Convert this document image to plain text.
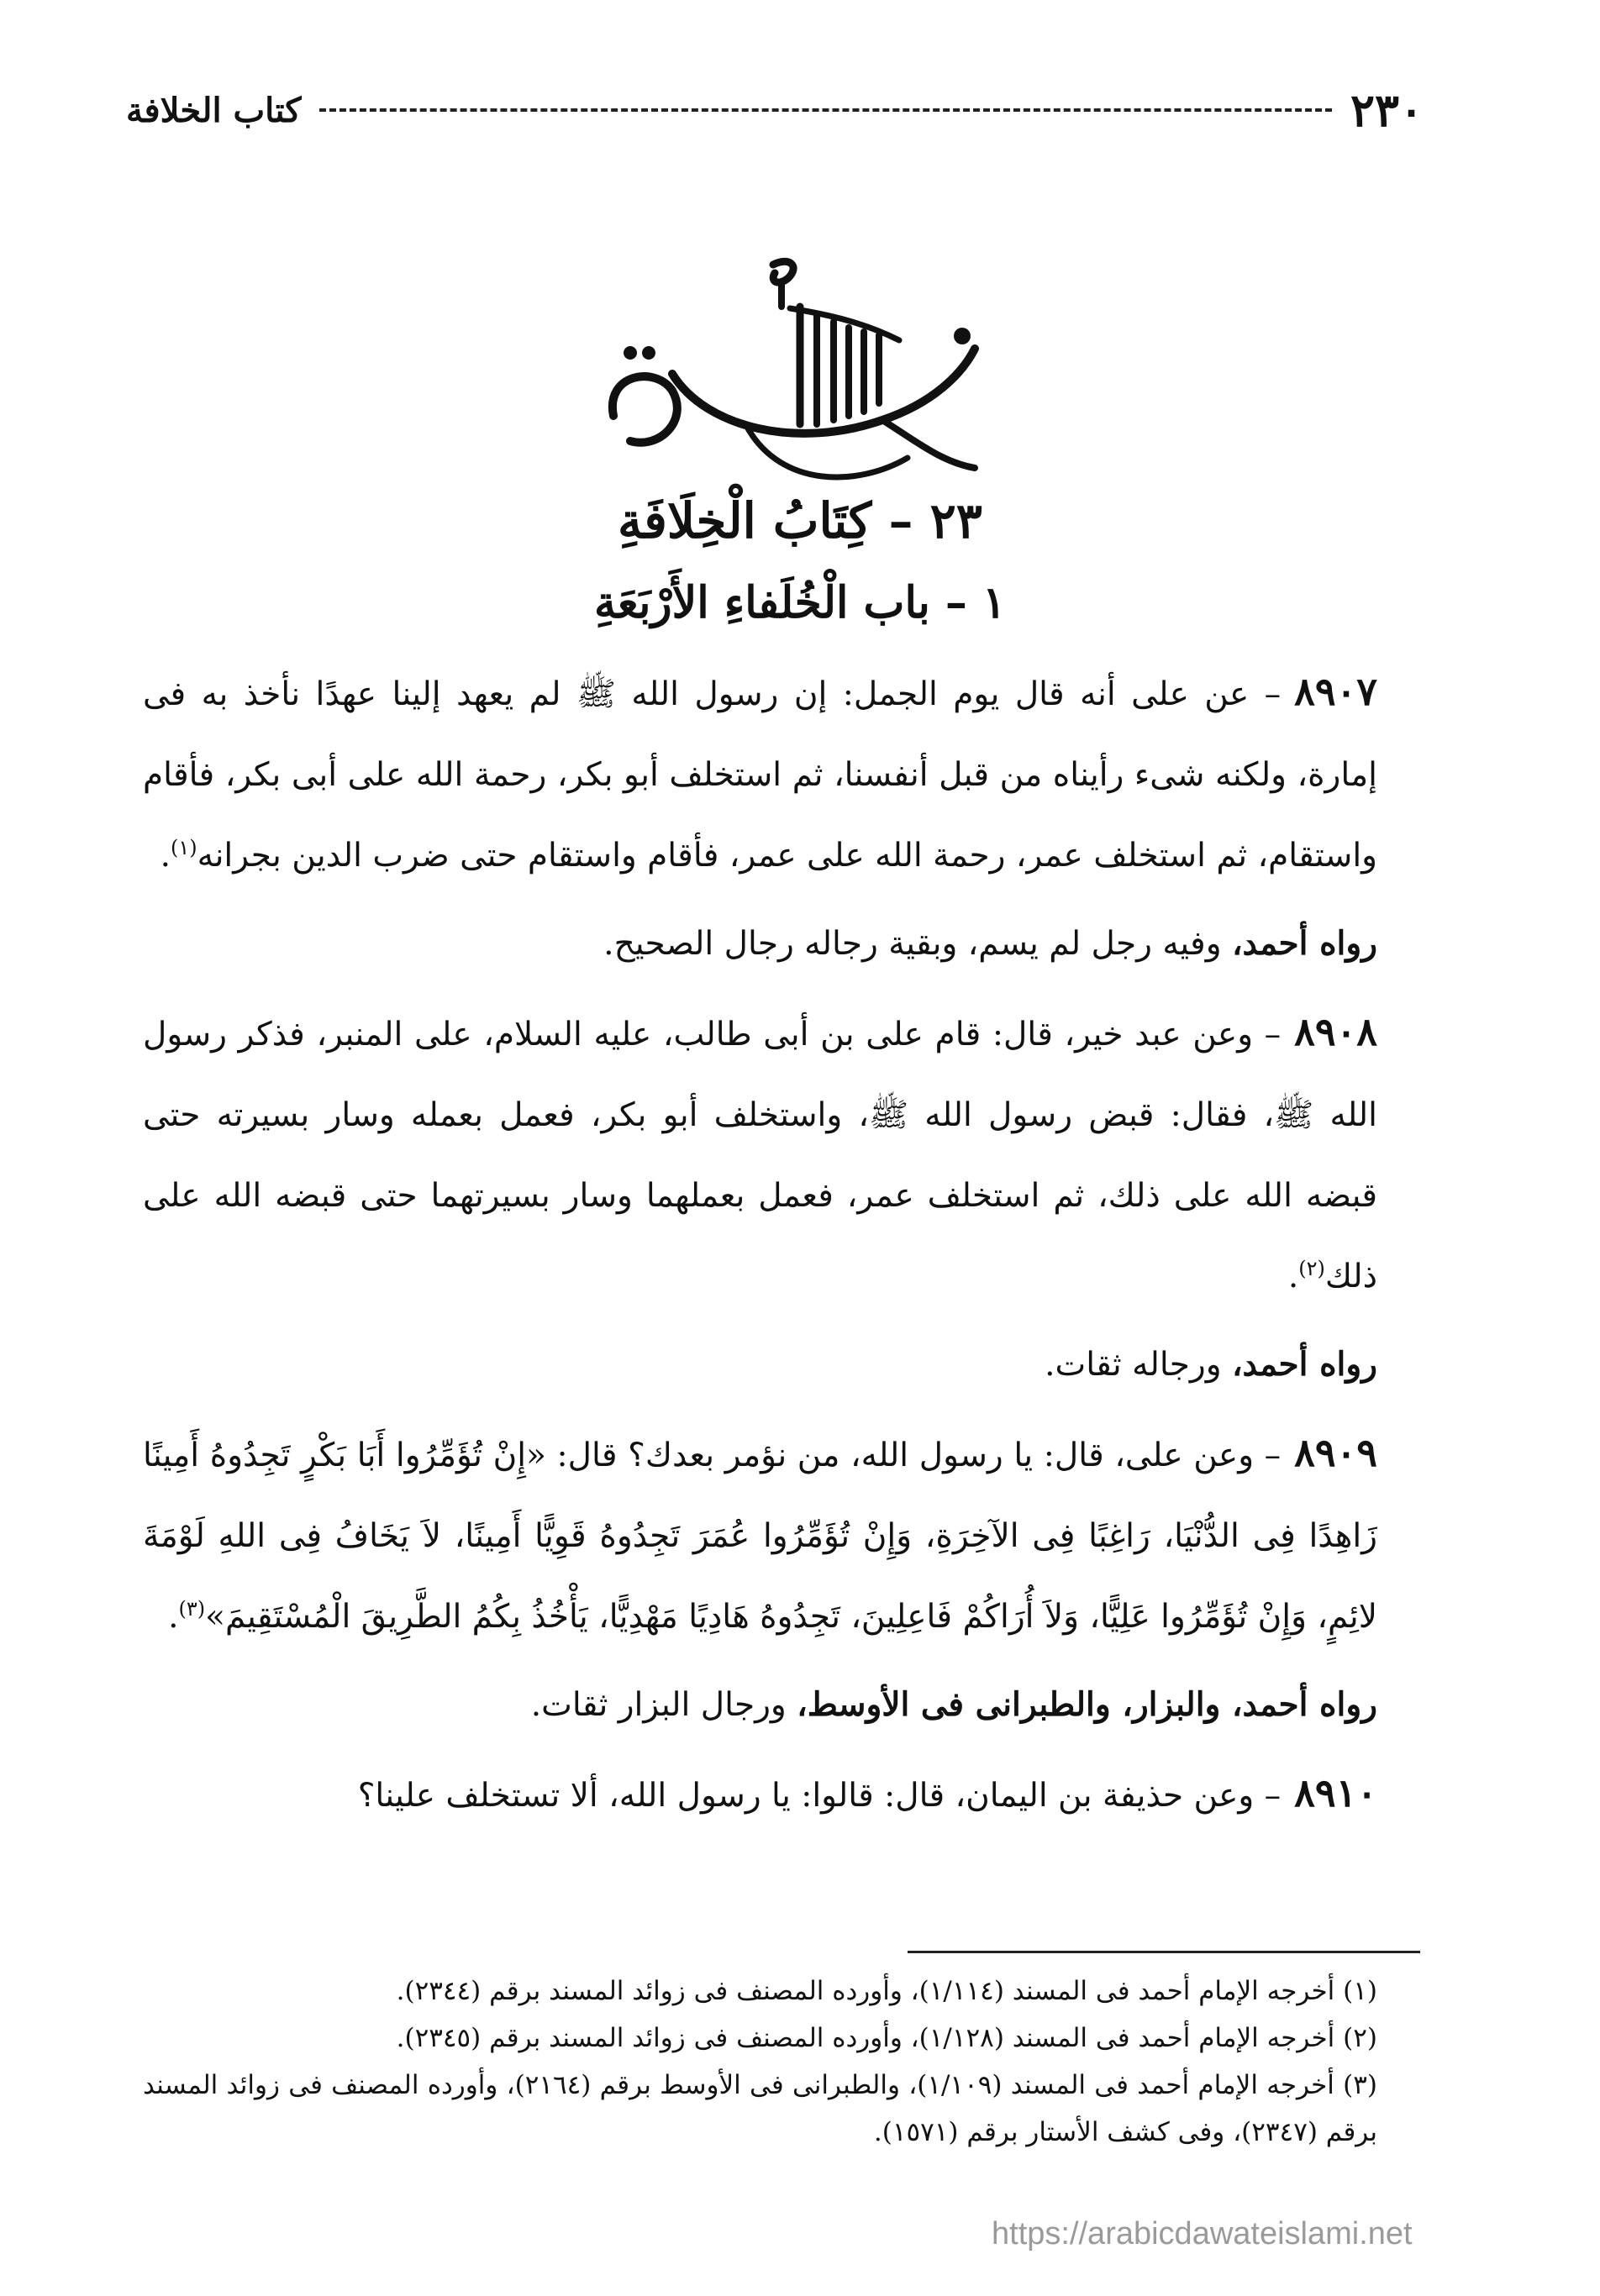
٢٣٠
كتاب الخلافة
٢٣ – كِتَابُ الْخِلَافَةِ
١ – باب الْخُلَفاءِ الأَرْبَعَةِ

٨٩٠٧– عن على أنه قال يوم الجمل: إن رسول الله ﷺ لم يعهد إلينا عهدًا نأخذ به فى إمارة، ولكنه شىء رأيناه من قبل أنفسنا، ثم استخلف أبو بكر، رحمة الله على أبى بكر، فأقام واستقام، ثم استخلف عمر، رحمة الله على عمر، فأقام واستقام حتى ضرب الدين بجرانه$^{(١)}$.

رواه أحمد، وفيه رجل لم يسم، وبقية رجاله رجال الصحيح.

٨٩٠٨– وعن عبد خير، قال: قام على بن أبى طالب، عليه السلام، على المنبر، فذكر رسول الله ﷺ، فقال: قبض رسول الله ﷺ، واستخلف أبو بكر، فعمل بعمله وسار بسيرته حتى قبضه الله على ذلك، ثم استخلف عمر، فعمل بعملهما وسار بسيرتهما حتى قبضه الله على ذلك$^{(٢)}$.

رواه أحمد، ورجاله ثقات.

٨٩٠٩– وعن على، قال: يا رسول الله، من نؤمر بعدك؟ قال: «إِنْ تُؤَمِّرُوا أَبَا بَكْرٍ تَجِدُوهُ أَمِينًا زَاهِدًا فِى الدُّنْيَا، رَاغِبًا فِى الآخِرَةِ، وَإِنْ تُؤَمِّرُوا عُمَرَ تَجِدُوهُ قَوِيًّا أَمِينًا، لاَ يَخَافُ فِى اللهِ لَوْمَةَ لائِمٍ، وَإِنْ تُؤَمِّرُوا عَلِيًّا، وَلاَ أُرَاكُمْ فَاعِلِينَ، تَجِدُوهُ هَادِيًا مَهْدِيًّا، يَأْخُذُ بِكُمُ الطَّرِيقَ الْمُسْتَقِيمَ»$^{(٣)}$.

رواه أحمد، والبزار، والطبرانى فى الأوسط، ورجال البزار ثقات.

٨٩١٠– وعن حذيفة بن اليمان، قال: قالوا: يا رسول الله، ألا تستخلف علينا؟

(١) أخرجه الإمام أحمد فى المسند (١/١١٤)، وأورده المصنف فى زوائد المسند برقم (٢٣٤٤).

(٢) أخرجه الإمام أحمد فى المسند (١/١٢٨)، وأورده المصنف فى زوائد المسند برقم (٢٣٤٥).

(٣) أخرجه الإمام أحمد فى المسند (١/١٠٩)، والطبرانى فى الأوسط برقم (٢١٦٤)، وأورده المصنف فى زوائد المسند برقم (٢٣٤٧)، وفى كشف الأستار برقم (١٥٧١).

https://arabicdawateislami.net
